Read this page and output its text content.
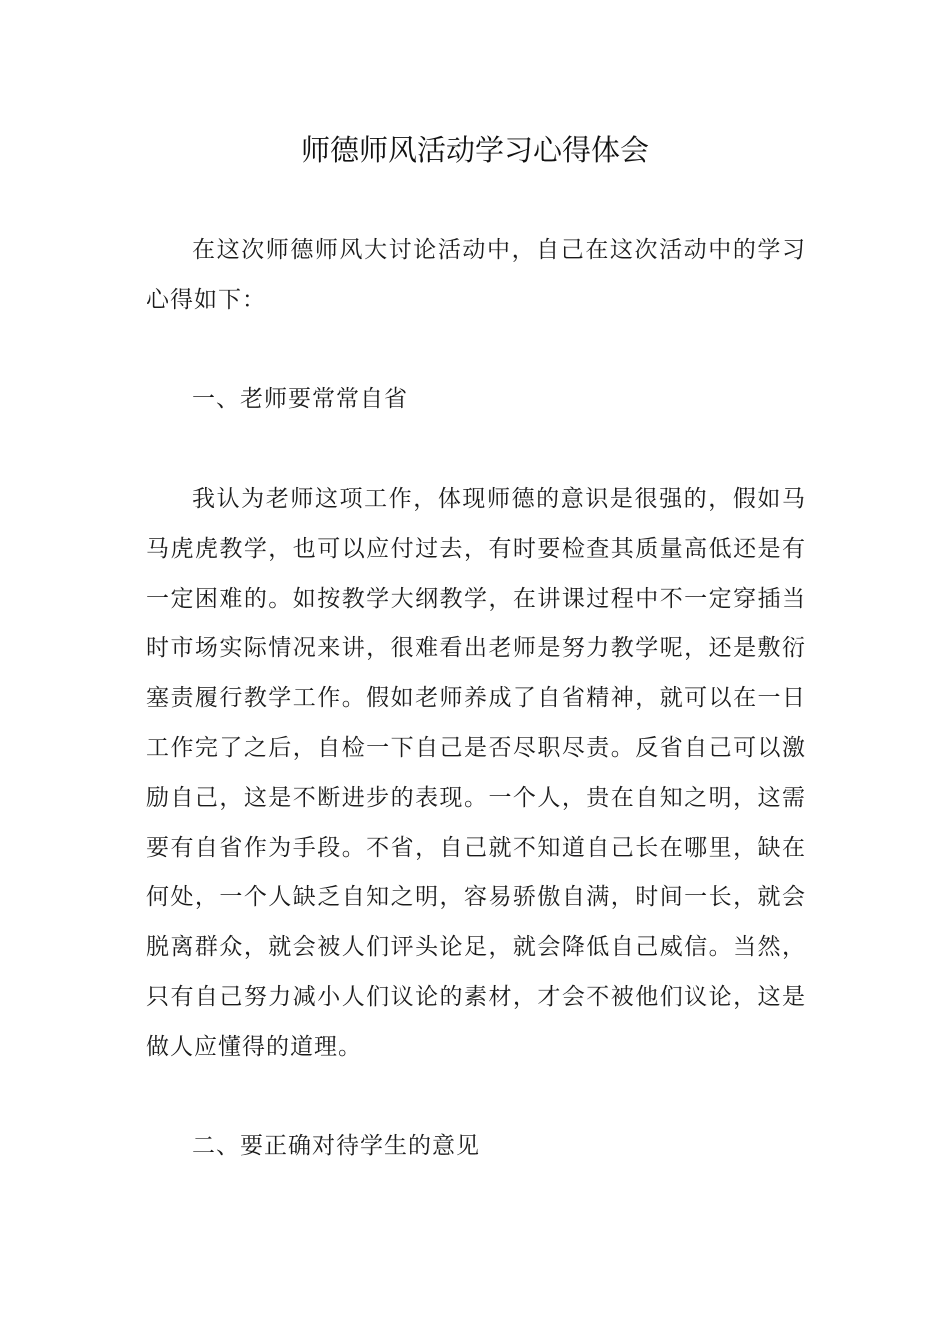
师德师风活动学习心得体会

在这次师德师风大讨论活动中，自己在这次活动中的学习心得如下：

一、老师要常常自省

我认为老师这项工作，体现师德的意识是很强的，假如马马虎虎教学，也可以应付过去，有时要检查其质量高低还是有一定困难的。如按教学大纲教学，在讲课过程中不一定穿插当时市场实际情况来讲，很难看出老师是努力教学呢，还是敷衍塞责履行教学工作。假如老师养成了自省精神，就可以在一日工作完了之后，自检一下自己是否尽职尽责。反省自己可以激励自己，这是不断进步的表现。一个人，贵在自知之明，这需要有自省作为手段。不省，自己就不知道自己长在哪里，缺在何处，一个人缺乏自知之明，容易骄傲自满，时间一长，就会脱离群众，就会被人们评头论足，就会降低自己威信。当然，只有自己努力减小人们议论的素材，才会不被他们议论，这是做人应懂得的道理。

二、要正确对待学生的意见
